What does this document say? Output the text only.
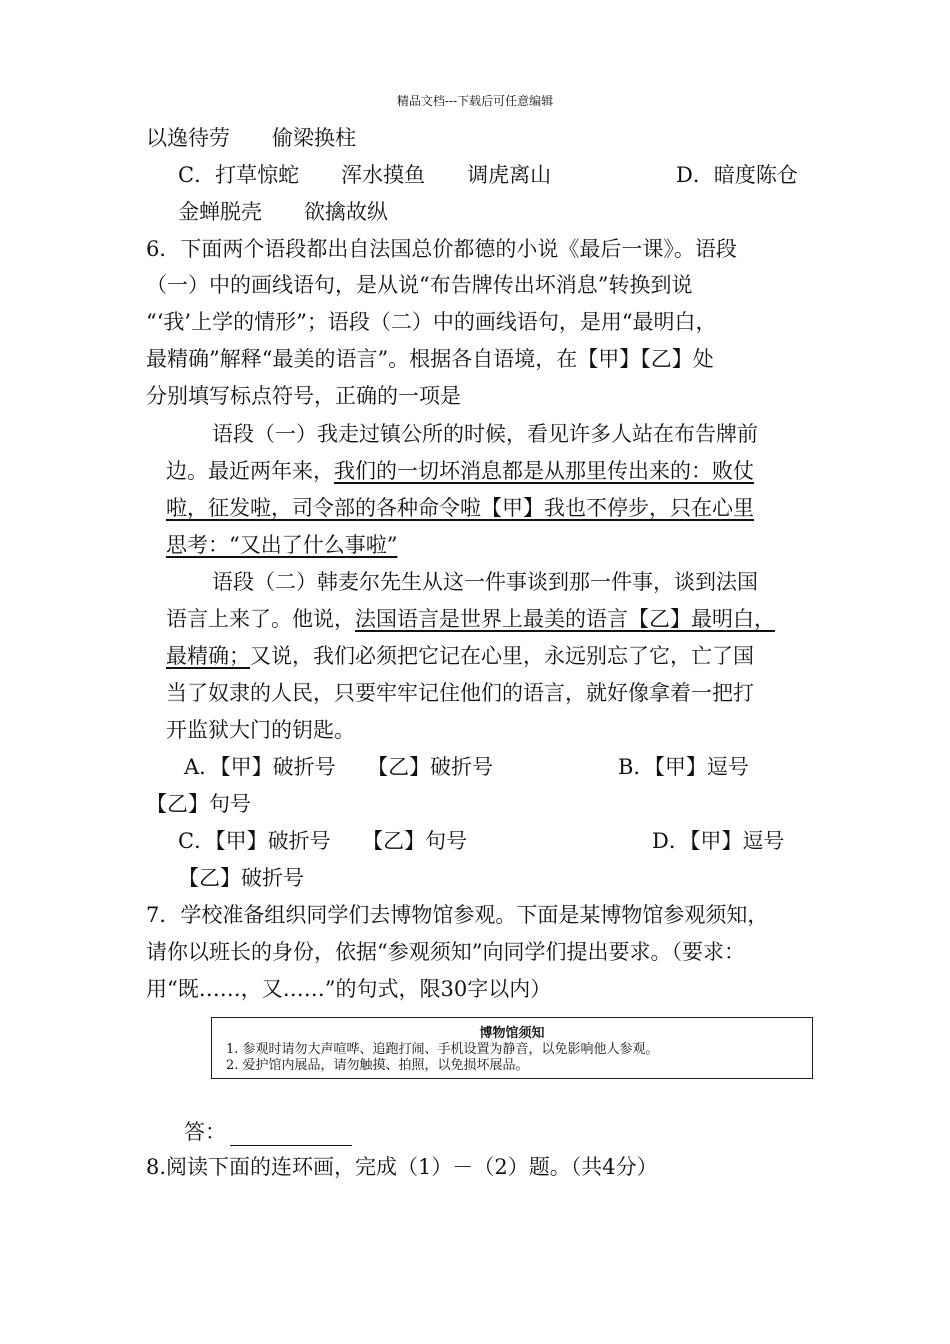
精品文档---下载后可任意编辑
以逸待劳　　偷梁换柱
C．打草惊蛇　　浑水摸鱼　　调虎离山	D．暗度陈仓
金蝉脱壳　　欲擒故纵
6．下面两个语段都出自法国总价都德的小说《最后一课》。语段
（一）中的画线语句，是从说“布告牌传出坏消息”转换到说
“‘我’上学的情形”；语段（二）中的画线语句，是用“最明白，
最精确”解释“最美的语言”。根据各自语境，在【甲】【乙】处
分别填写标点符号，正确的一项是
语段（一）我走过镇公所的时候，看见许多人站在布告牌前
边。最近两年来，我们的一切坏消息都是从那里传出来的：败仗
啦，征发啦，司令部的各种命令啦【甲】我也不停步，只在心里
思考：“又出了什么事啦”
语段（二）韩麦尔先生从这一件事谈到那一件事，谈到法国
语言上来了。他说，法国语言是世界上最美的语言【乙】最明白，
最精确；又说，我们必须把它记在心里，永远别忘了它，亡了国
当了奴隶的人民，只要牢牢记住他们的语言，就好像拿着一把打
开监狱大门的钥匙。
A．【甲】破折号　　【乙】破折号	B．【甲】逗号
【乙】句号
C．【甲】破折号　　【乙】句号	D．【甲】逗号
【乙】破折号
7．学校准备组织同学们去博物馆参观。下面是某博物馆参观须知，
请你以班长的身份，依据“参观须知”向同学们提出要求。（要求：
用“既……，又……”的句式，限30字以内）
博物馆须知
1. 参观时请勿大声喧哗、追跑打闹、手机设置为静音，以免影响他人参观。
2. 爱护馆内展品，请勿触摸、拍照，以免损坏展品。
答：
8.阅读下面的连环画，完成（1）－（2）题。（共4分）
